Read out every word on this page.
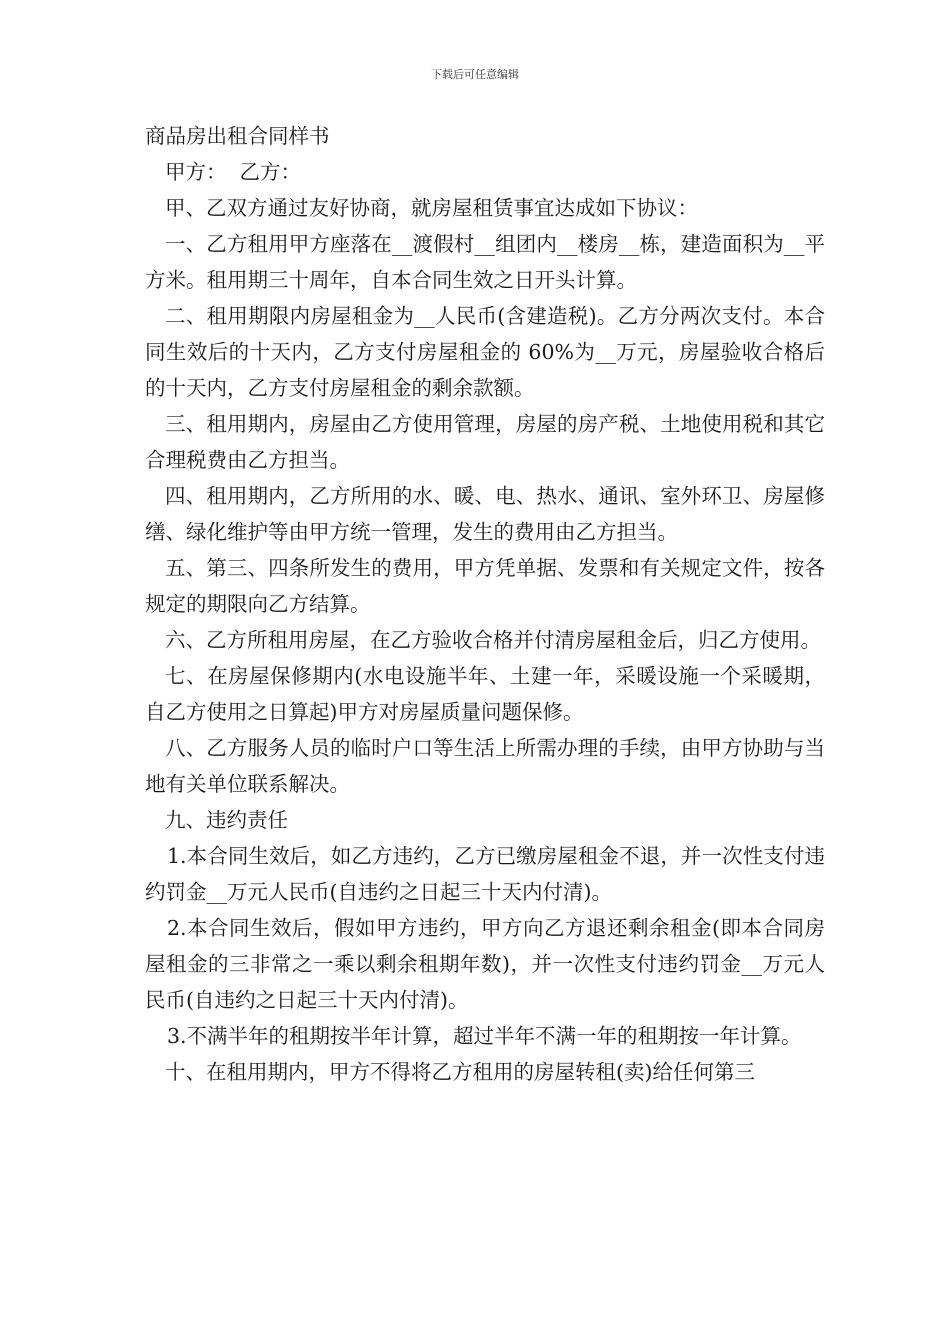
下载后可任意编辑

商品房出租合同样书

甲方：  乙方：

甲、乙双方通过友好协商，就房屋租赁事宜达成如下协议：

一、乙方租用甲方座落在__渡假村__组团内__楼房__栋，建造面积为__平方米。租用期三十周年，自本合同生效之日开头计算。

二、租用期限内房屋租金为__人民币(含建造税)。乙方分两次支付。本合同生效后的十天内，乙方支付房屋租金的 60%为__万元，房屋验收合格后的十天内，乙方支付房屋租金的剩余款额。

三、租用期内，房屋由乙方使用管理，房屋的房产税、土地使用税和其它合理税费由乙方担当。

四、租用期内，乙方所用的水、暖、电、热水、通讯、室外环卫、房屋修缮、绿化维护等由甲方统一管理，发生的费用由乙方担当。

五、第三、四条所发生的费用，甲方凭单据、发票和有关规定文件，按各规定的期限向乙方结算。

六、乙方所租用房屋，在乙方验收合格并付清房屋租金后，归乙方使用。

七、在房屋保修期内(水电设施半年、土建一年，采暖设施一个采暖期，自乙方使用之日算起)甲方对房屋质量问题保修。

八、乙方服务人员的临时户口等生活上所需办理的手续，由甲方协助与当地有关单位联系解决。

九、违约责任

1.本合同生效后，如乙方违约，乙方已缴房屋租金不退，并一次性支付违约罚金__万元人民币(自违约之日起三十天内付清)。

2.本合同生效后，假如甲方违约，甲方向乙方退还剩余租金(即本合同房屋租金的三非常之一乘以剩余租期年数)，并一次性支付违约罚金__万元人民币(自违约之日起三十天内付清)。

3.不满半年的租期按半年计算，超过半年不满一年的租期按一年计算。

十、在租用期内，甲方不得将乙方租用的房屋转租(卖)给任何第三
